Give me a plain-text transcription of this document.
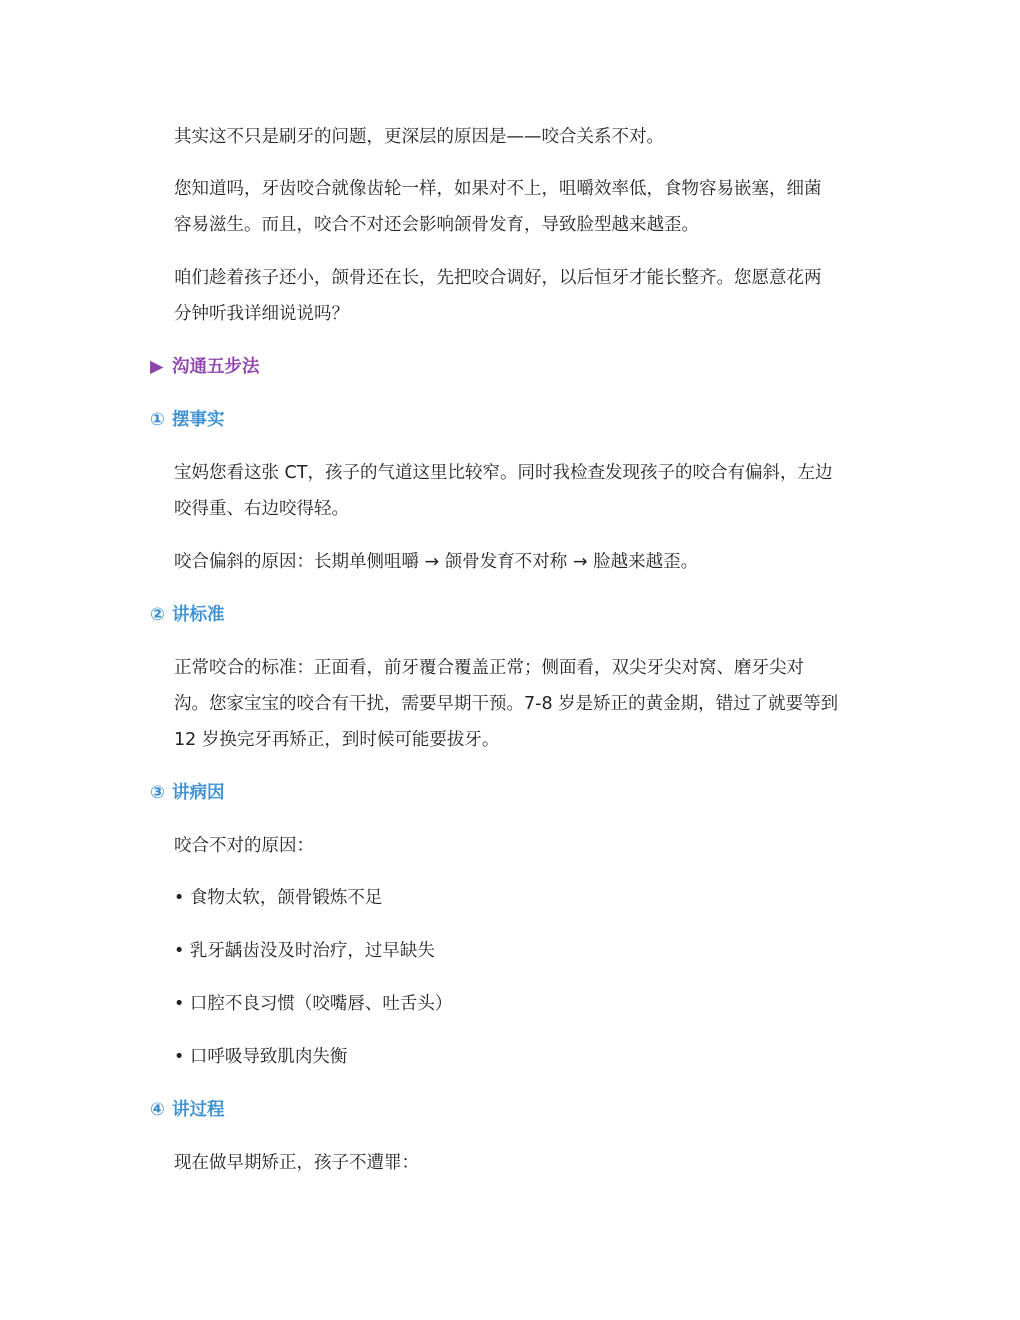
其实这不只是刷牙的问题，更深层的原因是——咬合关系不对。

您知道吗，牙齿咬合就像齿轮一样，如果对不上，咀嚼效率低，食物容易嵌塞，细菌
容易滋生。而且，咬合不对还会影响颌骨发育，导致脸型越来越歪。

咱们趁着孩子还小，颌骨还在长，先把咬合调好，以后恒牙才能长整齐。您愿意花两
分钟听我详细说说吗？

▶ 沟通五步法
① 摆事实

宝妈您看这张 CT，孩子的气道这里比较窄。同时我检查发现孩子的咬合有偏斜，左边
咬得重、右边咬得轻。

咬合偏斜的原因：长期单侧咀嚼 → 颌骨发育不对称 → 脸越来越歪。

② 讲标准

正常咬合的标准：正面看，前牙覆合覆盖正常；侧面看，双尖牙尖对窝、磨牙尖对
沟。您家宝宝的咬合有干扰，需要早期干预。7-8 岁是矫正的黄金期，错过了就要等到
12 岁换完牙再矫正，到时候可能要拔牙。

③ 讲病因

咬合不对的原因：

• 食物太软，颌骨锻炼不足

• 乳牙龋齿没及时治疗，过早缺失

• 口腔不良习惯（咬嘴唇、吐舌头）

• 口呼吸导致肌肉失衡

④ 讲过程

现在做早期矫正，孩子不遭罪：
